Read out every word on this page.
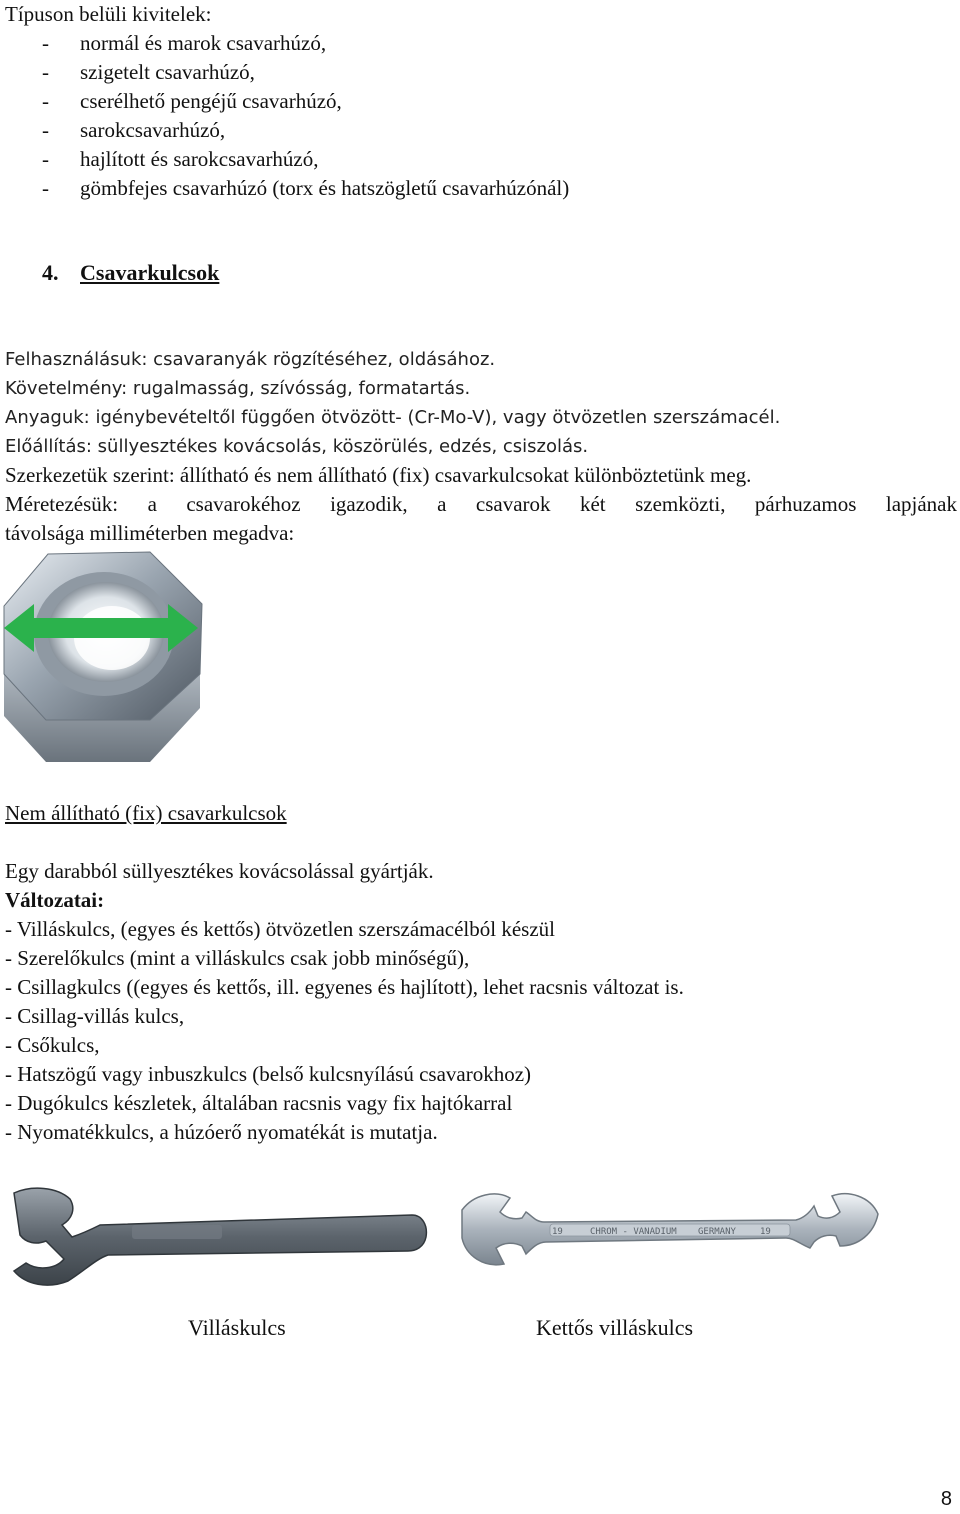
Típuson belüli kivitelek:
- normál és marok csavarhúzó,
- szigetelt csavarhúzó,
- cserélhető pengéjű csavarhúzó,
- sarokcsavarhúzó,
- hajlított és sarokcsavarhúzó,
- gömbfejes csavarhúzó (torx és hatszögletű csavarhúzónál)
4. Csavarkulcsok
Felhasználásuk: csavaranyák rögzítéséhez, oldásához.
Követelmény: rugalmasság, szívósság, formatartás.
Anyaguk: igénybevételtől függően ötvözött- (Cr-Mo-V), vagy ötvözetlen szerszámacél.
Előállítás: süllyesztékes kovácsolás, köszörülés, edzés, csiszolás.
Szerkezetük szerint: állítható és nem állítható (fix) csavarkulcsokat különböztetünk meg.
Méretezésük: a csavarokéhoz igazodik, a csavarok két szemközti, párhuzamos lapjának
távolsága milliméterben megadva:
Nem állítható (fix) csavarkulcsok
Egy darabból süllyesztékes kovácsolással gyártják.
Változatai:
- Villáskulcs, (egyes és kettős) ötvözetlen szerszámacélból készül
- Szerelőkulcs (mint a villáskulcs csak jobb minőségű),
- Csillagkulcs ((egyes és kettős, ill. egyenes és hajlított), lehet racsnis változat is.
- Csillag-villás kulcs,
- Csőkulcs,
- Hatszögű vagy inbuszkulcs (belső kulcsnyílású csavarokhoz)
- Dugókulcs készletek, általában racsnis vagy fix hajtókarral
- Nyomatékkulcs, a húzóerő nyomatékát is mutatja.
19	CHROM - VANADIUM GERMANY	19
Villáskulcs	Kettős villáskulcs
8
